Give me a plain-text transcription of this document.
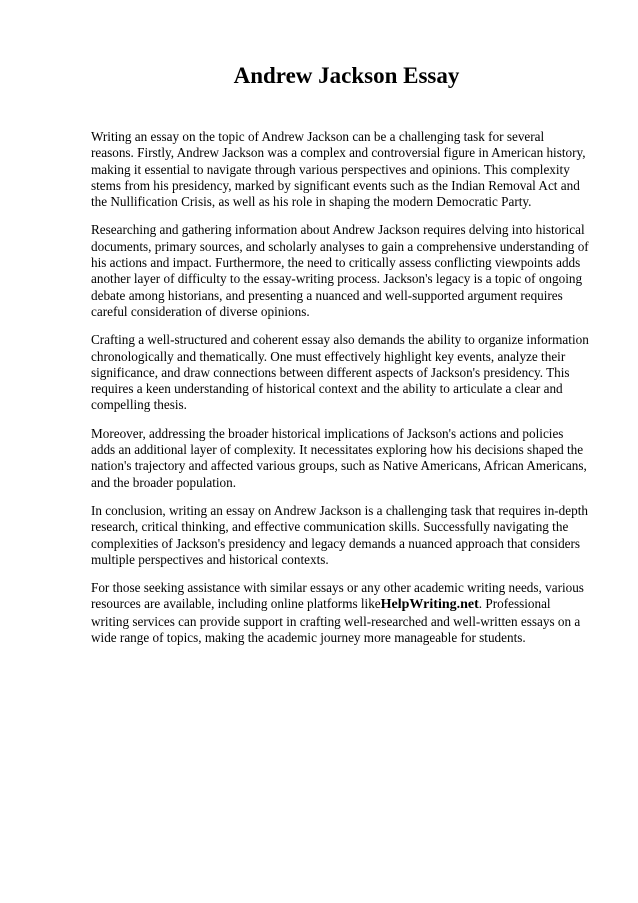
Andrew Jackson Essay

Writing an essay on the topic of Andrew Jackson can be a challenging task for several reasons. Firstly, Andrew Jackson was a complex and controversial figure in American history, making it essential to navigate through various perspectives and opinions. This complexity stems from his presidency, marked by significant events such as the Indian Removal Act and the Nullification Crisis, as well as his role in shaping the modern Democratic Party.

Researching and gathering information about Andrew Jackson requires delving into historical documents, primary sources, and scholarly analyses to gain a comprehensive understanding of his actions and impact. Furthermore, the need to critically assess conflicting viewpoints adds another layer of difficulty to the essay-writing process. Jackson's legacy is a topic of ongoing debate among historians, and presenting a nuanced and well-supported argument requires careful consideration of diverse opinions.

Crafting a well-structured and coherent essay also demands the ability to organize information chronologically and thematically. One must effectively highlight key events, analyze their significance, and draw connections between different aspects of Jackson's presidency. This requires a keen understanding of historical context and the ability to articulate a clear and compelling thesis.

Moreover, addressing the broader historical implications of Jackson's actions and policies adds an additional layer of complexity. It necessitates exploring how his decisions shaped the nation's trajectory and affected various groups, such as Native Americans, African Americans, and the broader population.

In conclusion, writing an essay on Andrew Jackson is a challenging task that requires in-depth research, critical thinking, and effective communication skills. Successfully navigating the complexities of Jackson's presidency and legacy demands a nuanced approach that considers multiple perspectives and historical contexts.

For those seeking assistance with similar essays or any other academic writing needs, various resources are available, including online platforms likeHelpWriting.net. Professional writing services can provide support in crafting well-researched and well-written essays on a wide range of topics, making the academic journey more manageable for students.
